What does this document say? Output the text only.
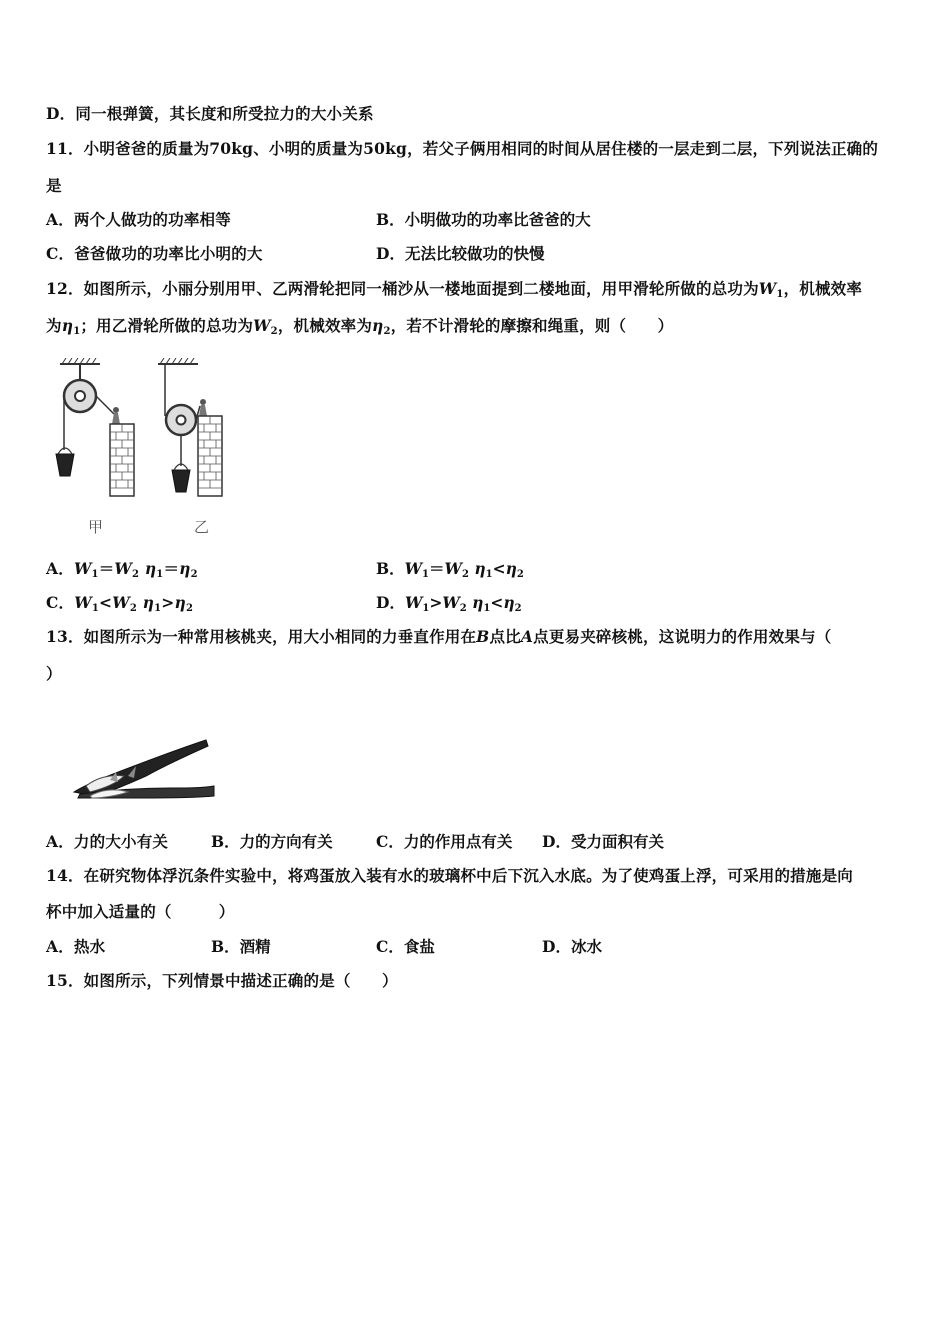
D．同一根弹簧，其长度和所受拉力的大小关系
11．小明爸爸的质量为70kg、小明的质量为50kg，若父子俩用相同的时间从居住楼的一层走到二层，下列说法正确的
是
A．两个人做功的功率相等	B．小明做功的功率比爸爸的大
C．爸爸做功的功率比小明的大	D．无法比较做功的快慢
12．如图所示，小丽分别用甲、乙两滑轮把同一桶沙从一楼地面提到二楼地面，用甲滑轮所做的总功为$W_1$，机械效率
为$\eta_1$；用乙滑轮所做的总功为$W_2$，机械效率为$\eta_2$，若不计滑轮的摩擦和绳重，则（　　）
甲	乙
A．$W_1=W_2$ $\eta_1=\eta_2$	B．$W_1=W_2$ $\eta_1<\eta_2$
C．$W_1<W_2$ $\eta_1>\eta_2$	D．$W_1>W_2$ $\eta_1<\eta_2$
13．如图所示为一种常用核桃夹，用大小相同的力垂直作用在B点比A点更易夹碎核桃，这说明力的作用效果与（
）
A．力的大小有关	B．力的方向有关	C．力的作用点有关 D．受力面积有关
14．在研究物体浮沉条件实验中，将鸡蛋放入装有水的玻璃杯中后下沉入水底。为了使鸡蛋上浮，可采用的措施是向
杯中加入适量的（　　　）
A．热水	B．酒精	C．食盐	D．冰水
15．如图所示，下列情景中描述正确的是（　　）
